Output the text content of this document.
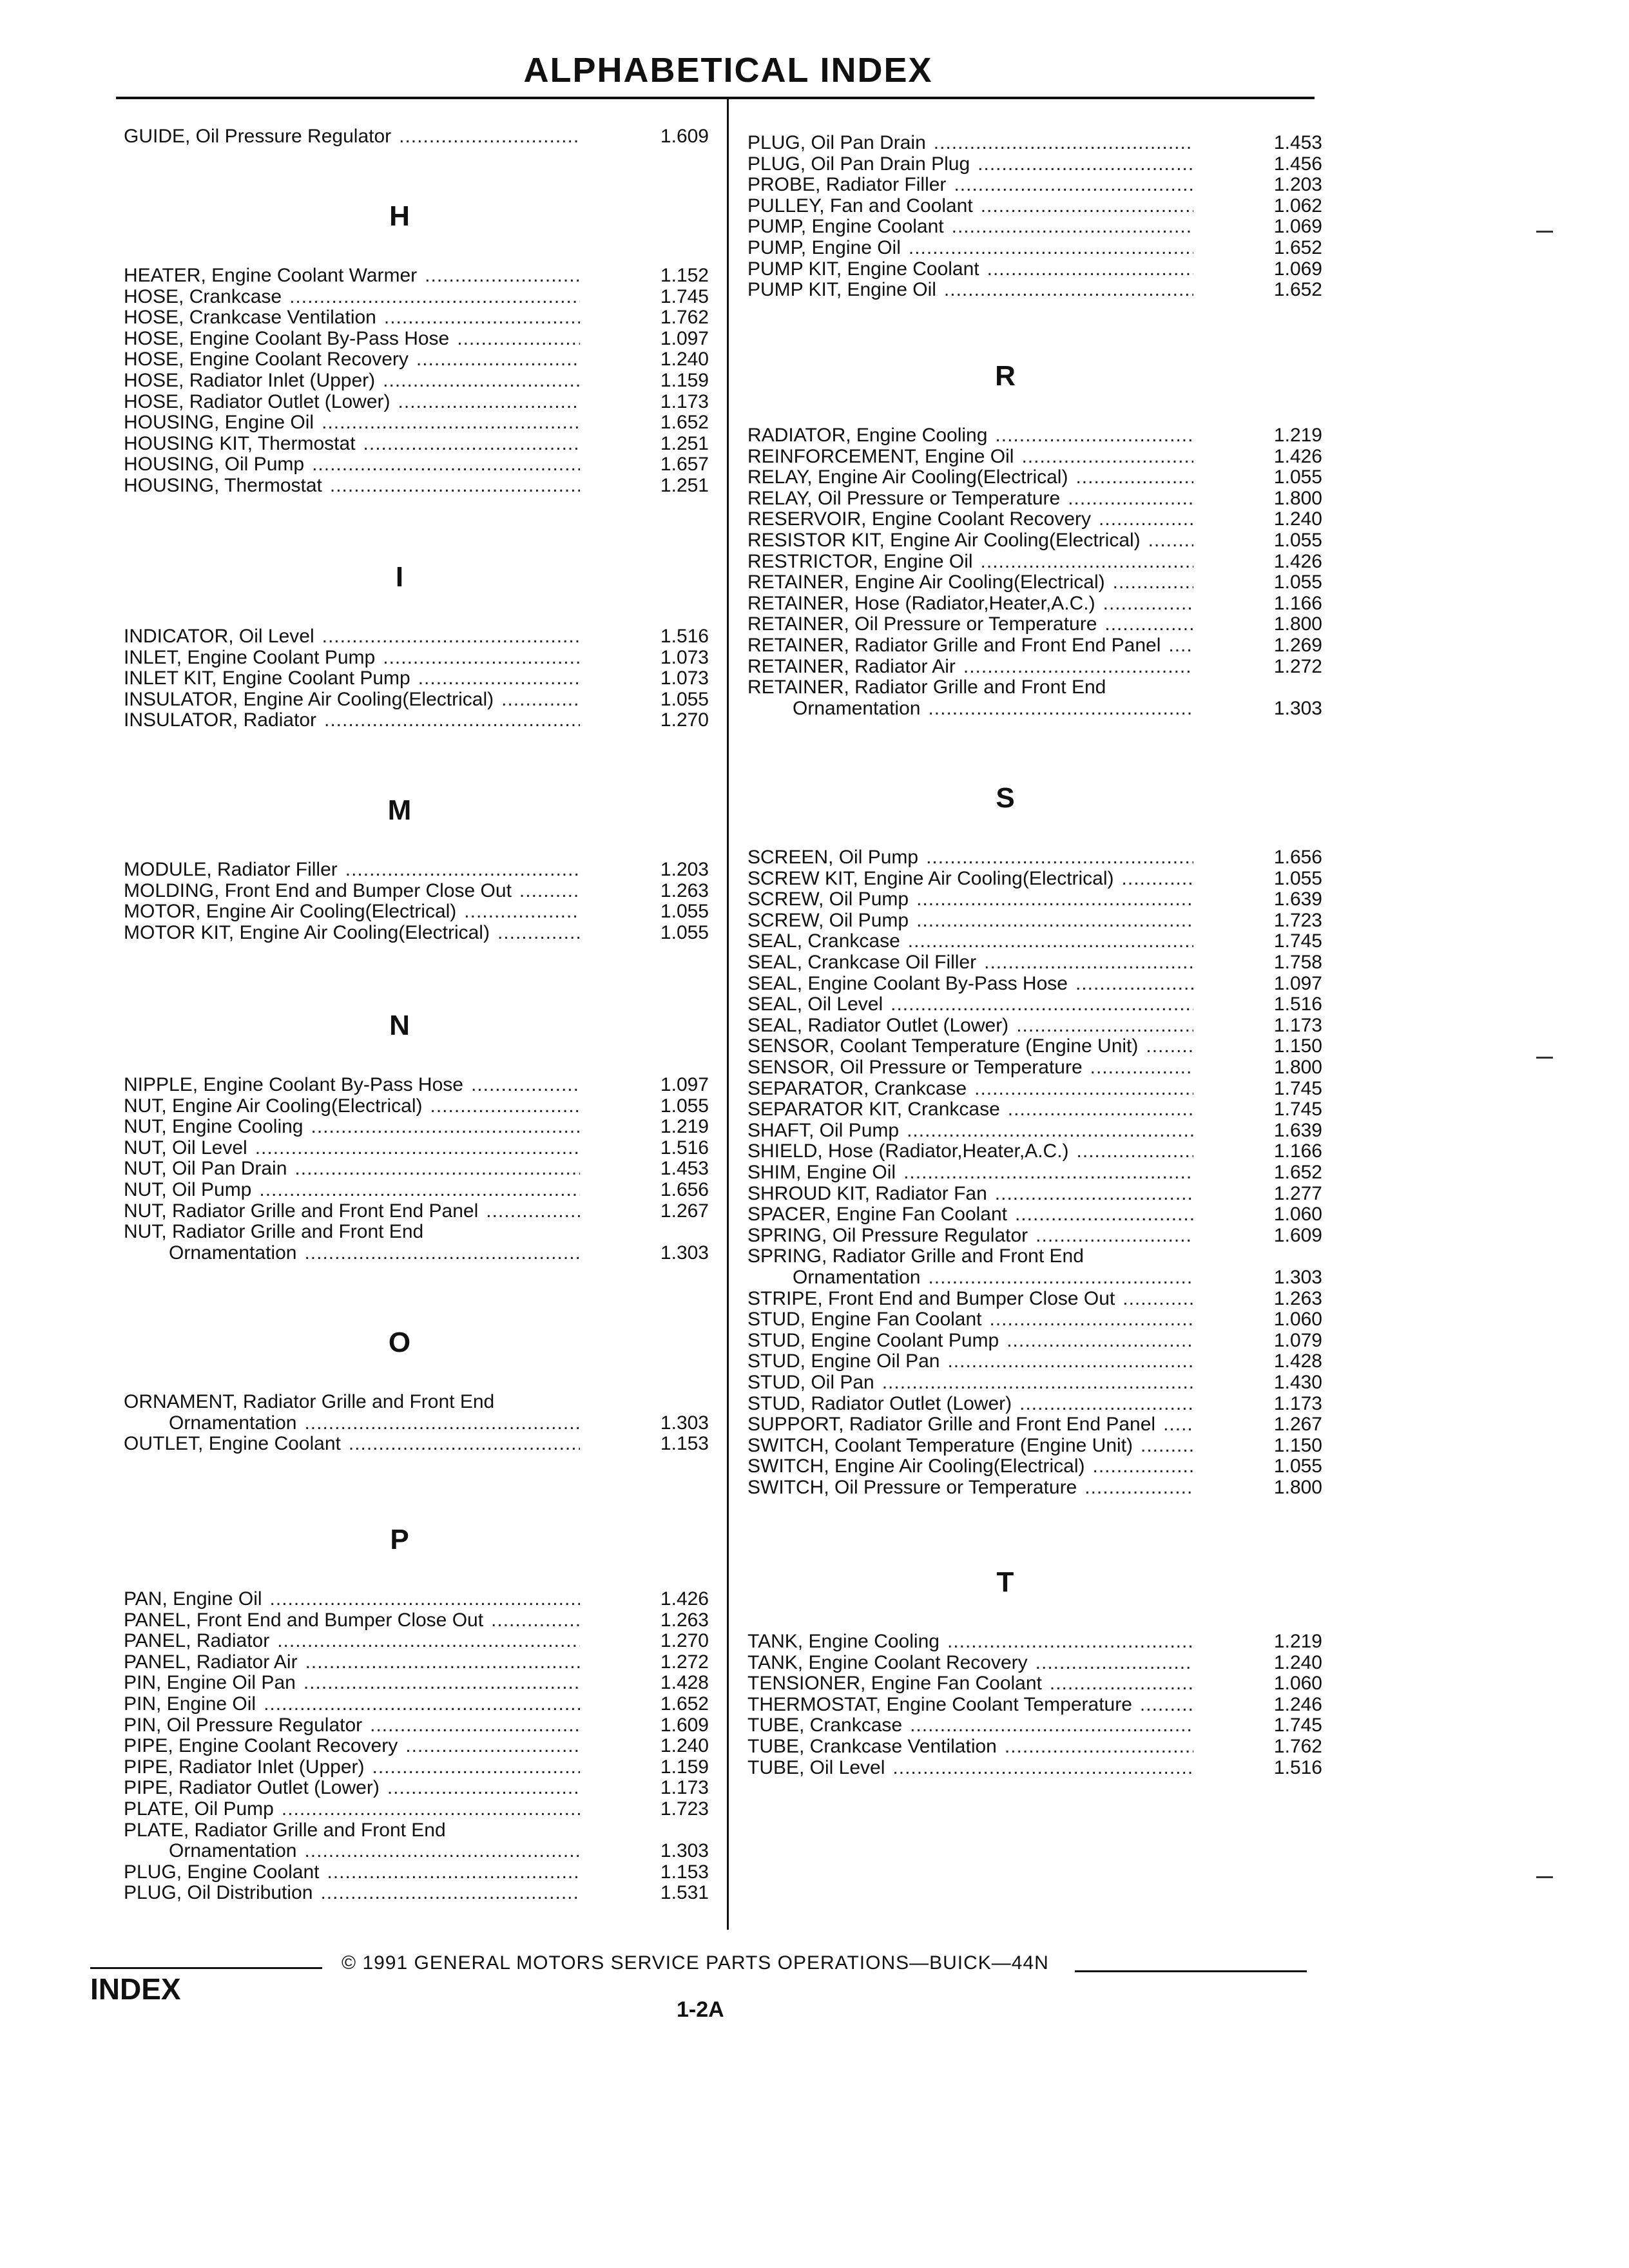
ALPHABETICAL INDEX
GUIDE, Oil Pressure Regulator	1.609
.....
H
HEATER, Engine Coolant Warmer	1.152
.....
HOSE, Crankcase	1.745
.....
HOSE, Crankcase Ventilation	1.762
.....
HOSE, Engine Coolant By-Pass Hose	1.097
.....
HOSE, Engine Coolant Recovery	1.240
.....
HOSE, Radiator Inlet (Upper)	1.159
.....
HOSE, Radiator Outlet (Lower)	1.173
.....
HOUSING, Engine Oil	1.652
.....
HOUSING KIT, Thermostat	1.251
.....
HOUSING, Oil Pump	1.657
.....
HOUSING, Thermostat	1.251
.....
I
INDICATOR, Oil Level	1.516
.....
INLET, Engine Coolant Pump	1.073
.....
INLET KIT, Engine Coolant Pump	1.073
.....
INSULATOR, Engine Air Cooling(Electrical)	1.055
.....
INSULATOR, Radiator	1.270
.....
M
MODULE, Radiator Filler	1.203
.....
MOLDING, Front End and Bumper Close Out	1.263
.....
MOTOR, Engine Air Cooling(Electrical)	1.055
.....
MOTOR KIT, Engine Air Cooling(Electrical)	1.055
.....
N
NIPPLE, Engine Coolant By-Pass Hose	1.097
.....
NUT, Engine Air Cooling(Electrical)	1.055
.....
NUT, Engine Cooling	1.219
.....
NUT, Oil Level	1.516
.....
NUT, Oil Pan Drain	1.453
.....
NUT, Oil Pump	1.656
.....
NUT, Radiator Grille and Front End Panel	1.267
.....
NUT, Radiator Grille and Front End
Ornamentation	1.303
.....
O
ORNAMENT, Radiator Grille and Front End
Ornamentation	1.303
.....
OUTLET, Engine Coolant	1.153
.....
P
PAN, Engine Oil	1.426
.....
PANEL, Front End and Bumper Close Out	1.263
.....
PANEL, Radiator	1.270
.....
PANEL, Radiator Air	1.272
.....
PIN, Engine Oil Pan	1.428
.....
PIN, Engine Oil	1.652
.....
PIN, Oil Pressure Regulator	1.609
.....
PIPE, Engine Coolant Recovery	1.240
.....
PIPE, Radiator Inlet (Upper)	1.159
.....
PIPE, Radiator Outlet (Lower)	1.173
.....
PLATE, Oil Pump	1.723
.....
PLATE, Radiator Grille and Front End
Ornamentation	1.303
.....
PLUG, Engine Coolant	1.153
.....
PLUG, Oil Distribution	1.531
.....
PLUG, Oil Pan Drain	1.453
.....
PLUG, Oil Pan Drain Plug	1.456
.....
PROBE, Radiator Filler	1.203
.....
PULLEY, Fan and Coolant	1.062
.....
PUMP, Engine Coolant	1.069
.....
PUMP, Engine Oil	1.652
.....
PUMP KIT, Engine Coolant	1.069
.....
PUMP KIT, Engine Oil	1.652
.....
R
RADIATOR, Engine Cooling	1.219
.....
REINFORCEMENT, Engine Oil	1.426
.....
RELAY, Engine Air Cooling(Electrical)	1.055
.....
RELAY, Oil Pressure or Temperature	1.800
.....
RESERVOIR, Engine Coolant Recovery	1.240
.....
RESISTOR KIT, Engine Air Cooling(Electrical)	1.055
.....
RESTRICTOR, Engine Oil	1.426
.....
RETAINER, Engine Air Cooling(Electrical)	1.055
.....
RETAINER, Hose (Radiator,Heater,A.C.)	1.166
.....
RETAINER, Oil Pressure or Temperature	1.800
.....
RETAINER, Radiator Grille and Front End Panel	1.269
.....
RETAINER, Radiator Air	1.272
.....
RETAINER, Radiator Grille and Front End
Ornamentation	1.303
.....
S
SCREEN, Oil Pump	1.656
.....
SCREW KIT, Engine Air Cooling(Electrical)	1.055
.....
SCREW, Oil Pump	1.639
.....
SCREW, Oil Pump	1.723
.....
SEAL, Crankcase	1.745
.....
SEAL, Crankcase Oil Filler	1.758
.....
SEAL, Engine Coolant By-Pass Hose	1.097
.....
SEAL, Oil Level	1.516
.....
SEAL, Radiator Outlet (Lower)	1.173
.....
SENSOR, Coolant Temperature (Engine Unit)	1.150
.....
SENSOR, Oil Pressure or Temperature	1.800
.....
SEPARATOR, Crankcase	1.745
.....
SEPARATOR KIT, Crankcase	1.745
.....
SHAFT, Oil Pump	1.639
.....
SHIELD, Hose (Radiator,Heater,A.C.)	1.166
.....
SHIM, Engine Oil	1.652
.....
SHROUD KIT, Radiator Fan	1.277
.....
SPACER, Engine Fan Coolant	1.060
.....
SPRING, Oil Pressure Regulator	1.609
.....
SPRING, Radiator Grille and Front End
Ornamentation	1.303
.....
STRIPE, Front End and Bumper Close Out	1.263
.....
STUD, Engine Fan Coolant	1.060
.....
STUD, Engine Coolant Pump	1.079
.....
STUD, Engine Oil Pan	1.428
.....
STUD, Oil Pan	1.430
.....
STUD, Radiator Outlet (Lower)	1.173
.....
SUPPORT, Radiator Grille and Front End Panel	1.267
.....
SWITCH, Coolant Temperature (Engine Unit)	1.150
.....
SWITCH, Engine Air Cooling(Electrical)	1.055
.....
SWITCH, Oil Pressure or Temperature	1.800
.....
T
TANK, Engine Cooling	1.219
.....
TANK, Engine Coolant Recovery	1.240
.....
TENSIONER, Engine Fan Coolant	1.060
.....
THERMOSTAT, Engine Coolant Temperature	1.246
.....
TUBE, Crankcase	1.745
.....
TUBE, Crankcase Ventilation	1.762
.....
TUBE, Oil Level	1.516
.....
© 1991 GENERAL MOTORS SERVICE PARTS OPERATIONS—BUICK—44N
INDEX
1-2A
